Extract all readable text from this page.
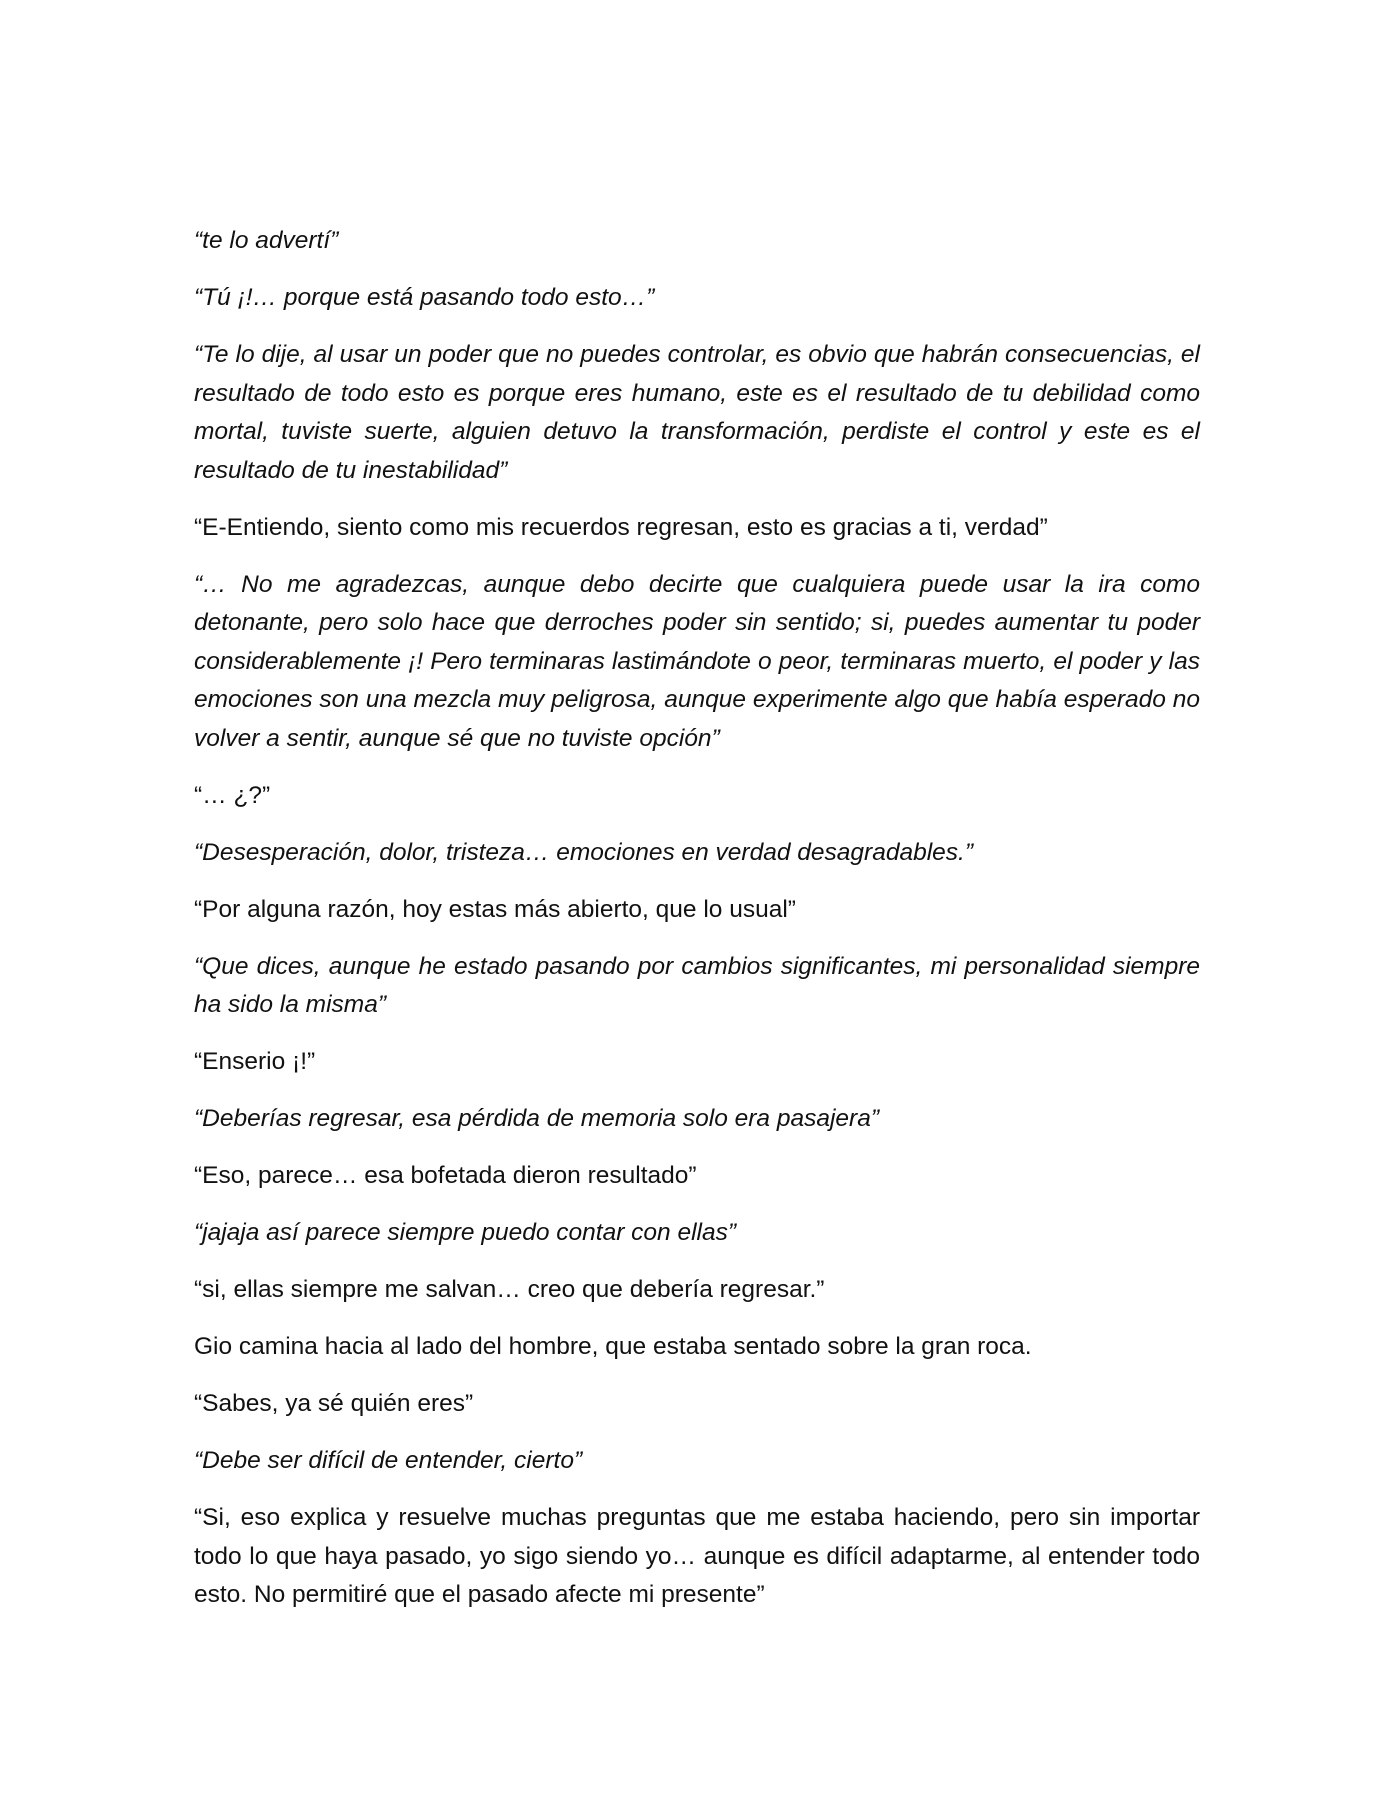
“te lo advertí”

“Tú ¡!… porque está pasando todo esto…”

“Te lo dije, al usar un poder que no puedes controlar, es obvio que habrán consecuencias, el resultado de todo esto es porque eres humano, este es el resultado de tu debilidad como mortal, tuviste suerte, alguien detuvo la transformación, perdiste el control y este es el resultado de tu inestabilidad”

“E-Entiendo, siento como mis recuerdos regresan, esto es gracias a ti, verdad”

“… No me agradezcas, aunque debo decirte que cualquiera puede usar la ira como detonante, pero solo hace que derroches poder sin sentido; si, puedes aumentar tu poder considerablemente ¡! Pero terminaras lastimándote o peor, terminaras muerto, el poder y las emociones son una mezcla muy peligrosa, aunque experimente algo que había esperado no volver a sentir, aunque sé que no tuviste opción”

“… ¿?”

“Desesperación, dolor, tristeza… emociones en verdad desagradables.”

“Por alguna razón, hoy estas más abierto, que lo usual”

“Que dices, aunque he estado pasando por cambios significantes, mi personalidad siempre ha sido la misma”

“Enserio ¡!”

“Deberías regresar, esa pérdida de memoria solo era pasajera”

“Eso, parece… esa bofetada dieron resultado”

“jajaja así parece siempre puedo contar con ellas”

“si, ellas siempre me salvan… creo que debería regresar.”

Gio camina hacia al lado del hombre, que estaba sentado sobre la gran roca.

“Sabes, ya sé quién eres”

“Debe ser difícil de entender, cierto”

“Si, eso explica y resuelve muchas preguntas que me estaba haciendo, pero sin importar todo lo que haya pasado, yo sigo siendo yo… aunque es difícil adaptarme, al entender todo esto. No permitiré que el pasado afecte mi presente”
